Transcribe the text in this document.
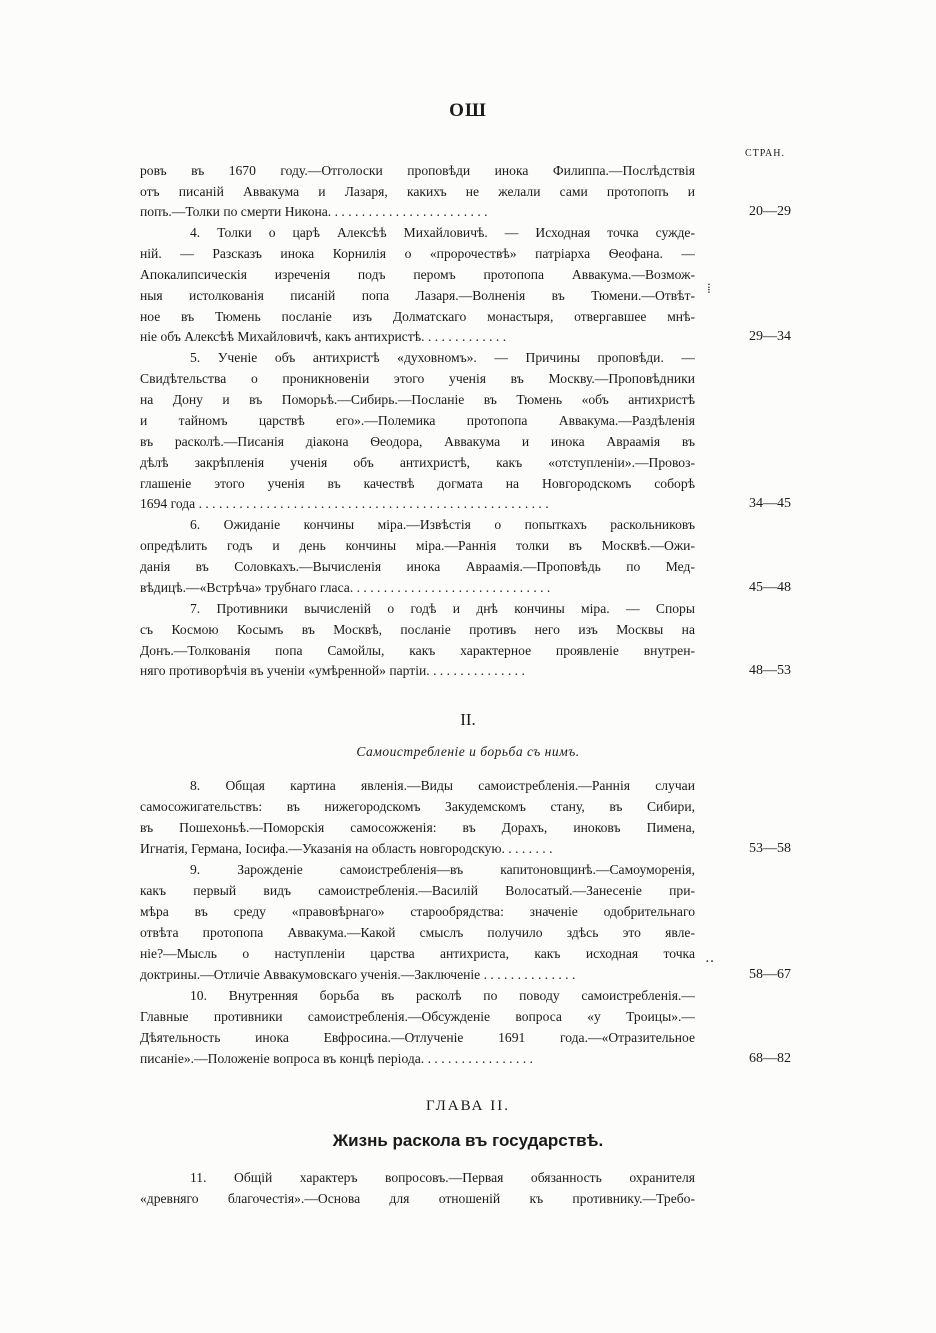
ОШ
СТРАН.
ровъ въ 1670 году.—Отголоски проповѣди инока Филиппа.—Послѣдствія
отъ писаній Аввакума и Лазаря, какихъ не желали сами протопопъ и
попъ.—Толки по смерти Никона. . . . . . . . . . . . . . . . . . . . . . . .	20—29
4. Толки о царѣ Алексѣѣ Михайловичѣ. — Исходная точка сужде-
ній. — Разсказъ инока Корнилія о «пророчествѣ» патріарха Ѳеофана. —
Апокалипсическія изреченія подъ перомъ протопопа Аввакума.—Возмож-
ныя истолкованія писаній попа Лазаря.—Волненія въ Тюмени.—Отвѣт-
ное въ Тюмень посланіе изъ Долматскаго монастыря, отвергавшее мнѣ-
ніе объ Алексѣѣ Михайловичѣ, какъ антихристѣ. . . . . . . . . . . . .	29—34
5. Ученіе объ антихристѣ «духовномъ». — Причины проповѣди. —
Свидѣтельства о проникновеніи этого ученія въ Москву.—Проповѣдники
на Дону и въ Поморьѣ.—Сибирь.—Посланіе въ Тюмень «объ антихристѣ
и тайномъ царствѣ его».—Полемика протопопа Аввакума.—Раздѣленія
въ расколѣ.—Писанія діакона Ѳеодора, Аввакума и инока Авраамія въ
дѣлѣ закрѣпленія ученія объ антихристѣ, какъ «отступленіи».—Провоз-
глашеніе этого ученія въ качествѣ догмата на Новгородскомъ соборѣ
1694 года . . . . . . . . . . . . . . . . . . . . . . . . . . . . . . . . . . . . . . . . . . . . . . . . . . . .	34—45
6. Ожиданіе кончины міра.—Извѣстія о попыткахъ раскольниковъ
опредѣлить годъ и день кончины міра.—Раннія толки въ Москвѣ.—Ожи-
данія въ Соловкахъ.—Вычисленія инока Авраамія.—Проповѣдь по Мед-
вѣдицѣ.—«Встрѣча» трубнаго гласа. . . . . . . . . . . . . . . . . . . . . . . . . . . . . .	45—48
7. Противники вычисленій о годѣ и днѣ кончины міра. — Споры
съ Космою Косымъ въ Москвѣ, посланіе противъ него изъ Москвы на
Донъ.—Толкованія попа Самойлы, какъ характерное проявленіе внутрен-
няго противорѣчія въ ученіи «умѣренной» партіи. . . . . . . . . . . . . . .	48—53
II.
Самоистребленіе и борьба съ нимъ.
8. Общая картина явленія.—Виды самоистребленія.—Раннія случаи
самосожигательствъ: въ нижегородскомъ Закудемскомъ стану, въ Сибири,
въ Пошехоньѣ.—Поморскія самосожженія: въ Дорахъ, иноковъ Пимена,
Игнатія, Германа, Іосифа.—Указанія на область новгородскую. . . . . . . .	53—58
9. Зарожденіе самоистребленія—въ капитоновщинѣ.—Самоуморенія,
какъ первый видъ самоистребленія.—Василій Волосатый.—Занесеніе при-
мѣра въ среду «правовѣрнаго» старообрядства: значеніе одобрительнаго
отвѣта протопопа Аввакума.—Какой смыслъ получило здѣсь это явле-
ніе?—Мысль о наступленіи царства антихриста, какъ исходная точка
доктрины.—Отличіе Аввакумовскаго ученія.—Заключеніе . . . . . . . . . . . . . .	58—67
10. Внутренняя борьба въ расколѣ по поводу самоистребленія.—
Главные противники самоистребленія.—Обсужденіе вопроса «у Троицы».—
Дѣятельность инока Евфросина.—Отлученіе 1691 года.—«Отразительное
писаніе».—Положеніе вопроса въ концѣ періода. . . . . . . . . . . . . . . . .	68—82
ГЛАВА II.
Жизнь раскола въ государствѣ.
11. Общій характеръ вопросовъ.—Первая обязанность охранителя
«древняго благочестія».—Основа для отношеній къ противнику.—Требо-
⁞
‥
